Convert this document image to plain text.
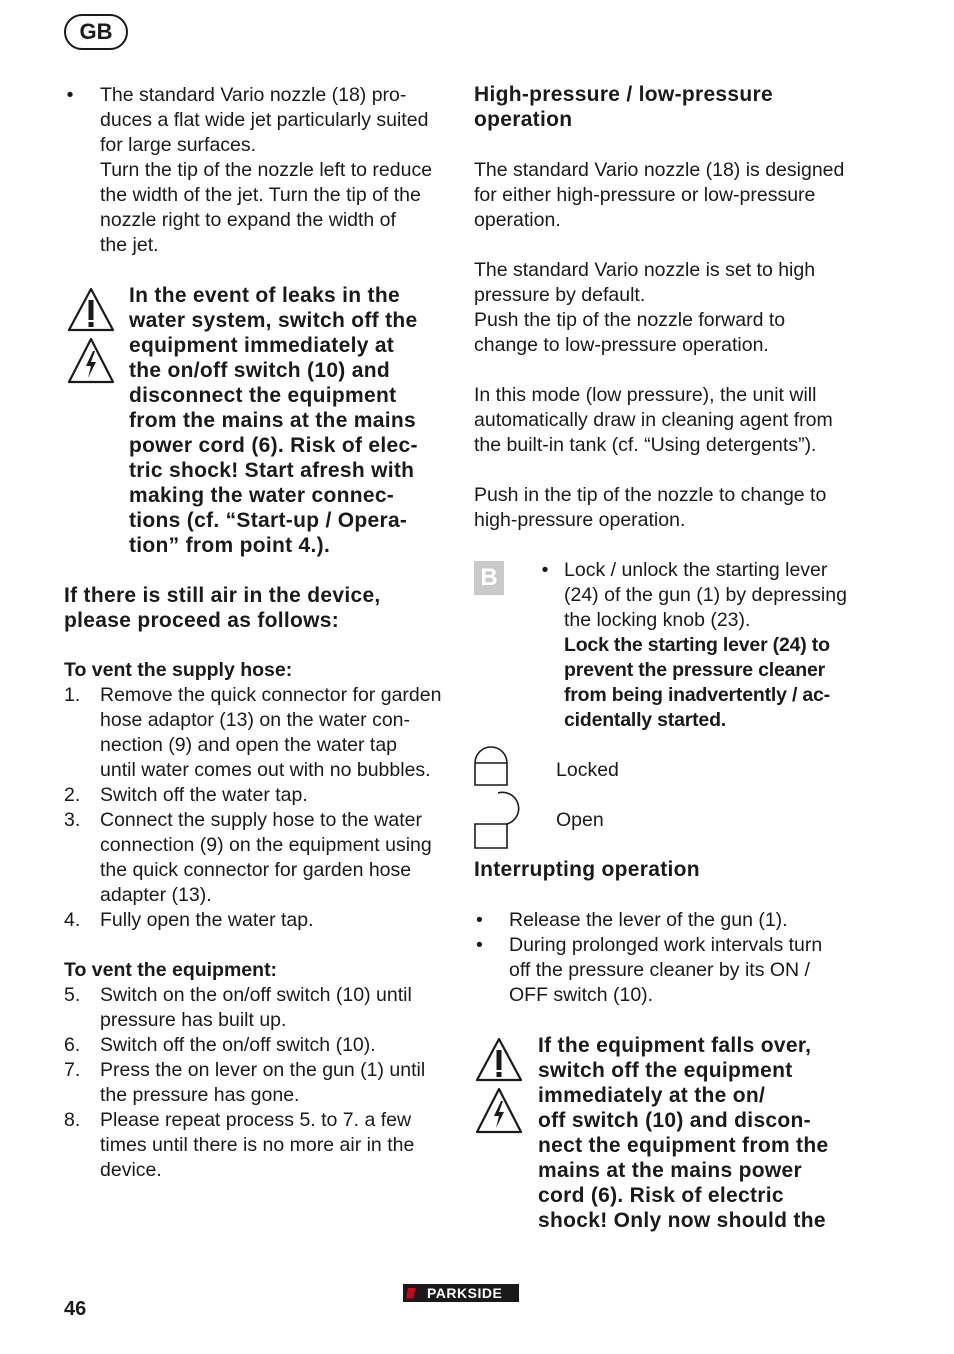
GB
• The standard Vario nozzle (18) pro-
duces a flat wide jet particularly suited
for large surfaces.
Turn the tip of the nozzle left to reduce
the width of the jet. Turn the tip of the
nozzle right to expand the width of
the jet.
In the event of leaks in the
water system, switch off the
equipment immediately at
the on/off switch (10) and
disconnect the equipment
from the mains at the mains
power cord (6). Risk of elec-
tric shock! Start afresh with
making the water connec-
tions (cf. “Start-up / Opera-
tion” from point 4.).
If there is still air in the device,
please proceed as follows:
To vent the supply hose:
1. Remove the quick connector for garden
hose adaptor (13) on the water con-
nection (9) and open the water tap
until water comes out with no bubbles.
2. Switch off the water tap.
3. Connect the supply hose to the water
connection (9) on the equipment using
the quick connector for garden hose
adapter (13).
4. Fully open the water tap.
To vent the equipment:
5. Switch on the on/off switch (10) until
pressure has built up.
6. Switch off the on/off switch (10).
7. Press the on lever on the gun (1) until
the pressure has gone.
8. Please repeat process 5. to 7. a few
times until there is no more air in the
device.
High-pressure / low-pressure
operation
The standard Vario nozzle (18) is designed
for either high-pressure or low-pressure
operation.
The standard Vario nozzle is set to high
pressure by default.
Push the tip of the nozzle forward to
change to low-pressure operation.
In this mode (low pressure), the unit will
automatically draw in cleaning agent from
the built-in tank (cf. “Using detergents”).
Push in the tip of the nozzle to change to
high-pressure operation.
B	• Lock / unlock the starting lever
(24) of the gun (1) by depressing
the locking knob (23).
Lock the starting lever (24) to
prevent the pressure cleaner
from being inadvertently / ac-
cidentally started.
Locked
Open
Interrupting operation
• Release the lever of the gun (1).
• During prolonged work intervals turn
off the pressure cleaner by its ON /
OFF switch (10).
If the equipment falls over,
switch off the equipment
immediately at the on/
off switch (10) and discon-
nect the equipment from the
mains at the mains power
cord (6). Risk of electric
shock! Only now should the
46
//// PARKSIDE
